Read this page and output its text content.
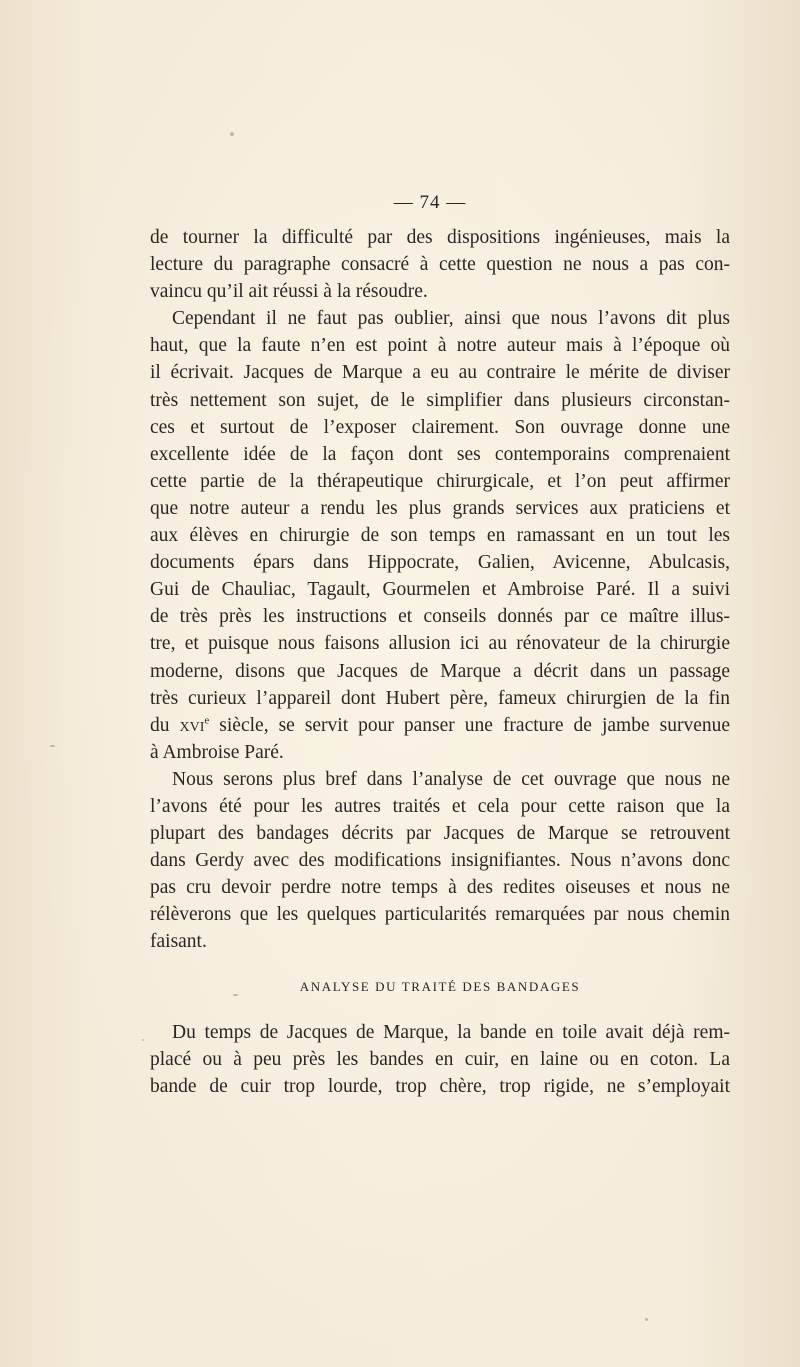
— 74 —

de tourner la difficulté par des dispositions ingénieuses, mais la

lecture du paragraphe consacré à cette question ne nous a pas con-

vaincu qu’il ait réussi à la résoudre.

Cependant il ne faut pas oublier, ainsi que nous l’avons dit plus

haut, que la faute n’en est point à notre auteur mais à l’époque où

il écrivait. Jacques de Marque a eu au contraire le mérite de diviser

très nettement son sujet, de le simplifier dans plusieurs circonstan-

ces et surtout de l’exposer clairement. Son ouvrage donne une

excellente idée de la façon dont ses contemporains comprenaient

cette partie de la thérapeutique chirurgicale, et l’on peut affirmer

que notre auteur a rendu les plus grands services aux praticiens et

aux élèves en chirurgie de son temps en ramassant en un tout les

documents épars dans Hippocrate, Galien, Avicenne, Abulcasis,

Gui de Chauliac, Tagault, Gourmelen et Ambroise Paré. Il a suivi

de très près les instructions et conseils donnés par ce maître illus-

tre, et puisque nous faisons allusion ici au rénovateur de la chirurgie

moderne, disons que Jacques de Marque a décrit dans un passage

très curieux l’appareil dont Hubert père, fameux chirurgien de la fin

du xvi$^e$ siècle, se servit pour panser une fracture de jambe survenue

à Ambroise Paré.

Nous serons plus bref dans l’analyse de cet ouvrage que nous ne

l’avons été pour les autres traités et cela pour cette raison que la

plupart des bandages décrits par Jacques de Marque se retrouvent

dans Gerdy avec des modifications insignifiantes. Nous n’avons donc

pas cru devoir perdre notre temps à des redites oiseuses et nous ne

rélèverons que les quelques particularités remarquées par nous chemin

faisant.

ANALYSE DU TRAITÉ DES BANDAGES

Du temps de Jacques de Marque, la bande en toile avait déjà rem-

placé ou à peu près les bandes en cuir, en laine ou en coton. La

bande de cuir trop lourde, trop chère, trop rigide, ne s’employait
